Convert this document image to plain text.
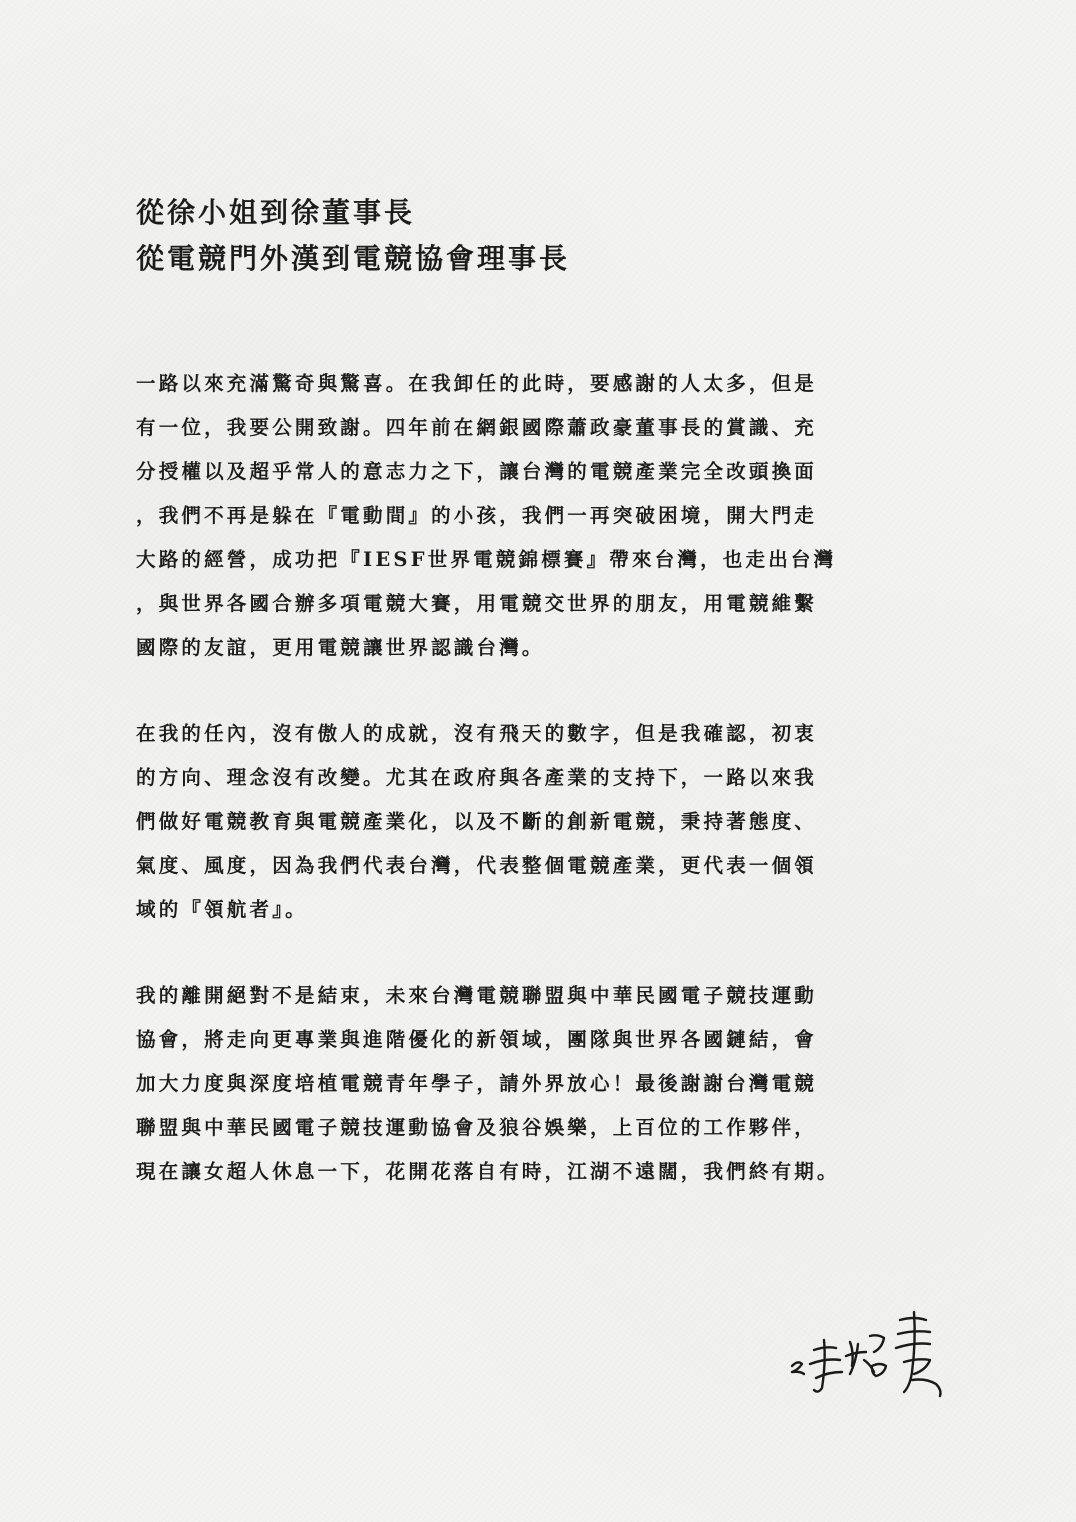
從徐小姐到徐董事長
從電競門外漢到電競協會理事長
一路以來充滿驚奇與驚喜。在我卸任的此時，要感謝的人太多，但是
有一位，我要公開致謝。四年前在網銀國際蕭政豪董事長的賞識、充
分授權以及超乎常人的意志力之下，讓台灣的電競產業完全改頭換面
，我們不再是躲在『電動間』的小孩，我們一再突破困境，開大門走
大路的經營，成功把『IESF世界電競錦標賽』帶來台灣，也走出台灣
，與世界各國合辦多項電競大賽，用電競交世界的朋友，用電競維繫
國際的友誼，更用電競讓世界認識台灣。
在我的任內，沒有傲人的成就，沒有飛天的數字，但是我確認，初衷
的方向、理念沒有改變。尤其在政府與各產業的支持下，一路以來我
們做好電競教育與電競產業化，以及不斷的創新電競，秉持著態度、
氣度、風度，因為我們代表台灣，代表整個電競產業，更代表一個領
域的『領航者』。
我的離開絕對不是結束，未來台灣電競聯盟與中華民國電子競技運動
協會，將走向更專業與進階優化的新領域，團隊與世界各國鏈結，會
加大力度與深度培植電競青年學子，請外界放心！最後謝謝台灣電競
聯盟與中華民國電子競技運動協會及狼谷娛樂，上百位的工作夥伴，
現在讓女超人休息一下，花開花落自有時，江湖不遠闊，我們終有期。
